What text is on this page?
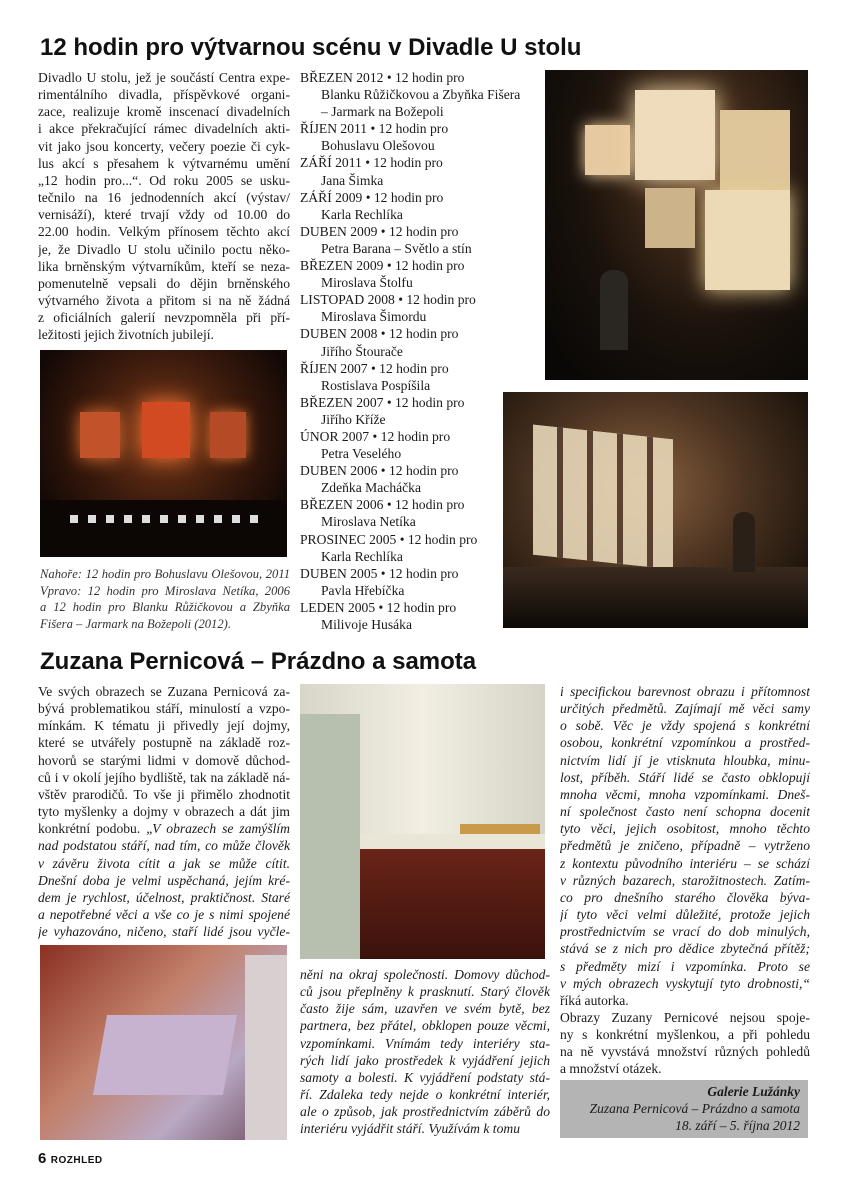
12 hodin pro výtvarnou scénu v Divadle U stolu
Divadlo U stolu, jež je součástí Centra expe-
rimentálního divadla, příspěvkové organi-
zace, realizuje kromě inscenací divadelních
i akce překračující rámec divadelních akti-
vit jako jsou koncerty, večery poezie či cyk-
lus akcí s přesahem k výtvarnému umění
„12 hodin pro...“. Od roku 2005 se usku-
tečnilo na 16 jednodenních akcí (výstav/
vernisáží), které trvají vždy od 10.00 do
22.00 hodin. Velkým přínosem těchto akcí
je, že Divadlo U stolu učinilo poctu něko-
lika brněnským výtvarníkům, kteří se neza-
pomenutelně vepsali do dějin brněnského
výtvarného života a přitom si na ně žádná
z oficiálních galerií nevzpomněla při pří-
ležitosti jejich životních jubilejí.
Nahoře: 12 hodin pro Bohuslavu Olešovou, 2011
Vpravo: 12 hodin pro Miroslava Netíka, 2006
a 12 hodin pro Blanku Růžičkovou a Zbyňka
Fišera – Jarmark na Božepoli (2012).
BŘEZEN 2012 • 12 hodin pro
Blanku Růžičkovou a Zbyňka Fišera
– Jarmark na Božepoli
ŘÍJEN 2011 • 12 hodin pro
Bohuslavu Olešovou
ZÁŘÍ 2011 • 12 hodin pro
Jana Šimka
ZÁŘÍ 2009 • 12 hodin pro
Karla Rechlíka
DUBEN 2009 • 12 hodin pro
Petra Barana – Světlo a stín
BŘEZEN 2009 • 12 hodin pro
Miroslava Štolfu
LISTOPAD 2008 • 12 hodin pro
Miroslava Šimordu
DUBEN 2008 • 12 hodin pro
Jiřího Štourače
ŘÍJEN 2007 • 12 hodin pro
Rostislava Pospíšila
BŘEZEN 2007 • 12 hodin pro
Jiřího Kříže
ÚNOR 2007 • 12 hodin pro
Petra Veselého
DUBEN 2006 • 12 hodin pro
Zdeňka Macháčka
BŘEZEN 2006 • 12 hodin pro
Miroslava Netíka
PROSINEC 2005 • 12 hodin pro
Karla Rechlíka
DUBEN 2005 • 12 hodin pro
Pavla Hřebíčka
LEDEN 2005 • 12 hodin pro
Milivoje Husáka
Zuzana Pernicová – Prázdno a samota
Ve svých obrazech se Zuzana Pernicová za-
bývá problematikou stáří, minulostí a vzpo-
mínkám. K tématu ji přivedly její dojmy,
které se utvářely postupně na základě roz-
hovorů se starými lidmi v domově důchod-
ců i v okolí jejího bydliště, tak na základě ná-
vštěv prarodičů. To vše ji přimělo zhodnotit
tyto myšlenky a dojmy v obrazech a dát jim
konkrétní podobu. „V obrazech se zamýšlím
nad podstatou stáří, nad tím, co může člověk
v závěru života cítit a jak se může cítit.
Dnešní doba je velmi uspěchaná, jejím kré-
dem je rychlost, účelnost, praktičnost. Staré
a nepotřebné věci a vše co je s nimi spojené
je vyhazováno, ničeno, staří lidé jsou vyčle-
něni na okraj společnosti. Domovy důchod-
ců jsou přeplněny k prasknutí. Starý člověk
často žije sám, uzavřen ve svém bytě, bez
partnera, bez přátel, obklopen pouze věcmi,
vzpomínkami. Vnímám tedy interiéry sta-
rých lidí jako prostředek k vyjádření jejich
samoty a bolesti. K vyjádření podstaty stá-
ří. Zdaleka tedy nejde o konkrétní interiér,
ale o způsob, jak prostřednictvím záběrů do
interiéru vyjádřit stáří. Využívám k tomu
i specifickou barevnost obrazu i přítomnost
určitých předmětů. Zajímají mě věci samy
o sobě. Věc je vždy spojená s konkrétní
osobou, konkrétní vzpomínkou a prostřed-
nictvím lidí jí je vtisknuta hloubka, minu-
lost, příběh. Stáří lidé se často obklopují
mnoha věcmi, mnoha vzpomínkami. Dneš-
ní společnost často není schopna docenit
tyto věci, jejich osobitost, mnoho těchto
předmětů je zničeno, případně – vytrženo
z kontextu původního interiéru – se schází
v různých bazarech, starožitnostech. Zatím-
co pro dnešního starého člověka býva-
jí tyto věci velmi důležité, protože jejich
prostřednictvím se vrací do dob minulých,
stává se z nich pro dědice zbytečná přítěž;
s předměty mizí i vzpomínka. Proto se
v mých obrazech vyskytují tyto drobnosti,“
říká autorka.
Obrazy Zuzany Pernicové nejsou spoje-
ny s konkrétní myšlenkou, a při pohledu
na ně vyvstává množství různých pohledů
a množství otázek.
Galerie Lužánky
Zuzana Pernicová – Prázdno a samota
18. září – 5. října 2012
6 ROZHLED
